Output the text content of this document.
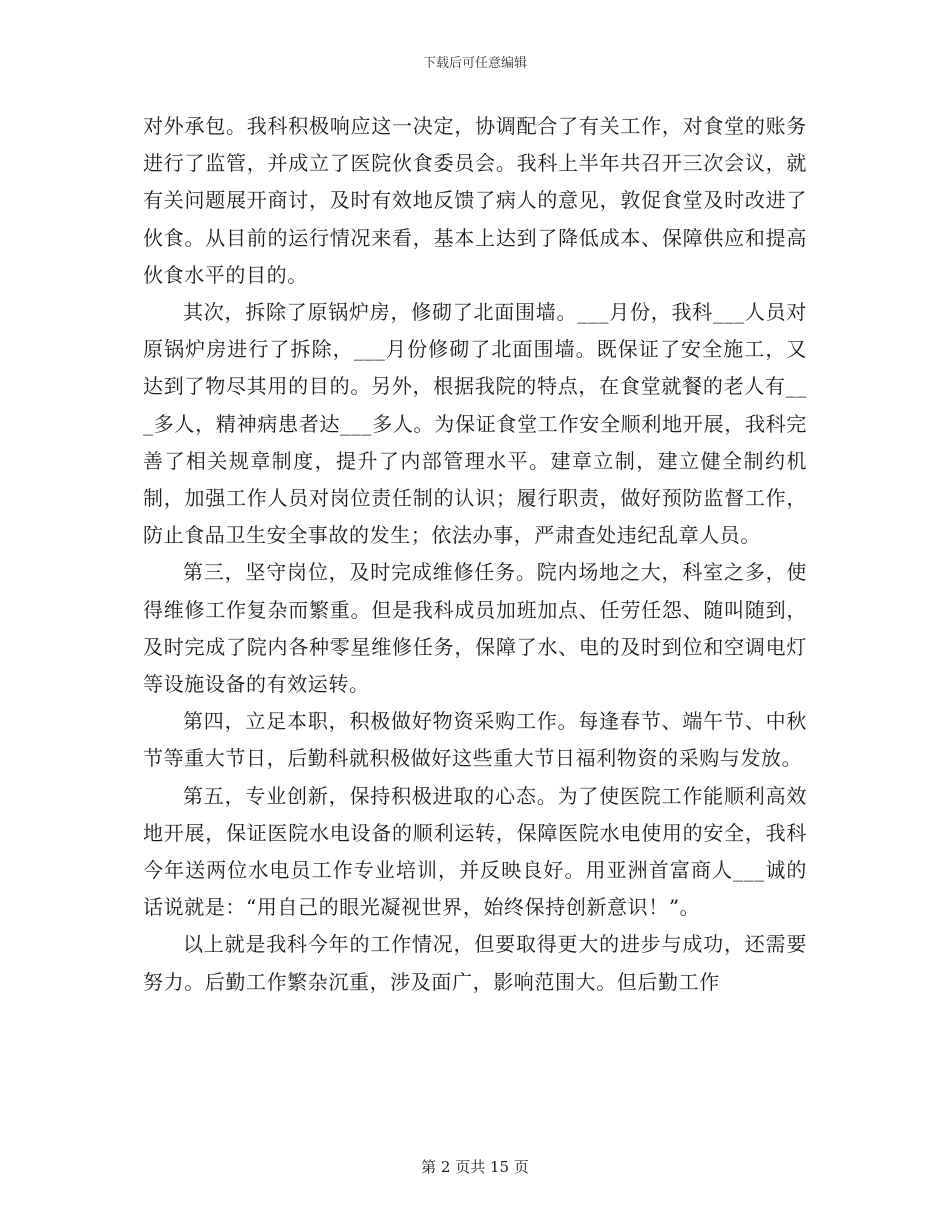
下载后可任意编辑

对外承包。我科积极响应这一决定，协调配合了有关工作，对食堂的账务进行了监管，并成立了医院伙食委员会。我科上半年共召开三次会议，就有关问题展开商讨，及时有效地反馈了病人的意见，敦促食堂及时改进了伙食。从目前的运行情况来看，基本上达到了降低成本、保障供应和提高伙食水平的目的。

其次，拆除了原锅炉房，修砌了北面围墙。___月份，我科___人员对原锅炉房进行了拆除，___月份修砌了北面围墙。既保证了安全施工，又达到了物尽其用的目的。另外，根据我院的特点，在食堂就餐的老人有___多人，精神病患者达___多人。为保证食堂工作安全顺利地开展，我科完善了相关规章制度，提升了内部管理水平。建章立制，建立健全制约机制，加强工作人员对岗位责任制的认识；履行职责，做好预防监督工作，防止食品卫生安全事故的发生；依法办事，严肃查处违纪乱章人员。

第三，坚守岗位，及时完成维修任务。院内场地之大，科室之多，使得维修工作复杂而繁重。但是我科成员加班加点、任劳任怨、随叫随到，及时完成了院内各种零星维修任务，保障了水、电的及时到位和空调电灯等设施设备的有效运转。

第四，立足本职，积极做好物资采购工作。每逢春节、端午节、中秋节等重大节日，后勤科就积极做好这些重大节日福利物资的采购与发放。

第五，专业创新，保持积极进取的心态。为了使医院工作能顺利高效地开展，保证医院水电设备的顺利运转，保障医院水电使用的安全，我科今年送两位水电员工作专业培训，并反映良好。用亚洲首富商人___诚的话说就是：“用自己的眼光凝视世界，始终保持创新意识！”。

以上就是我科今年的工作情况，但要取得更大的进步与成功，还需要努力。后勤工作繁杂沉重，涉及面广，影响范围大。但后勤工作

第 2 页共 15 页
